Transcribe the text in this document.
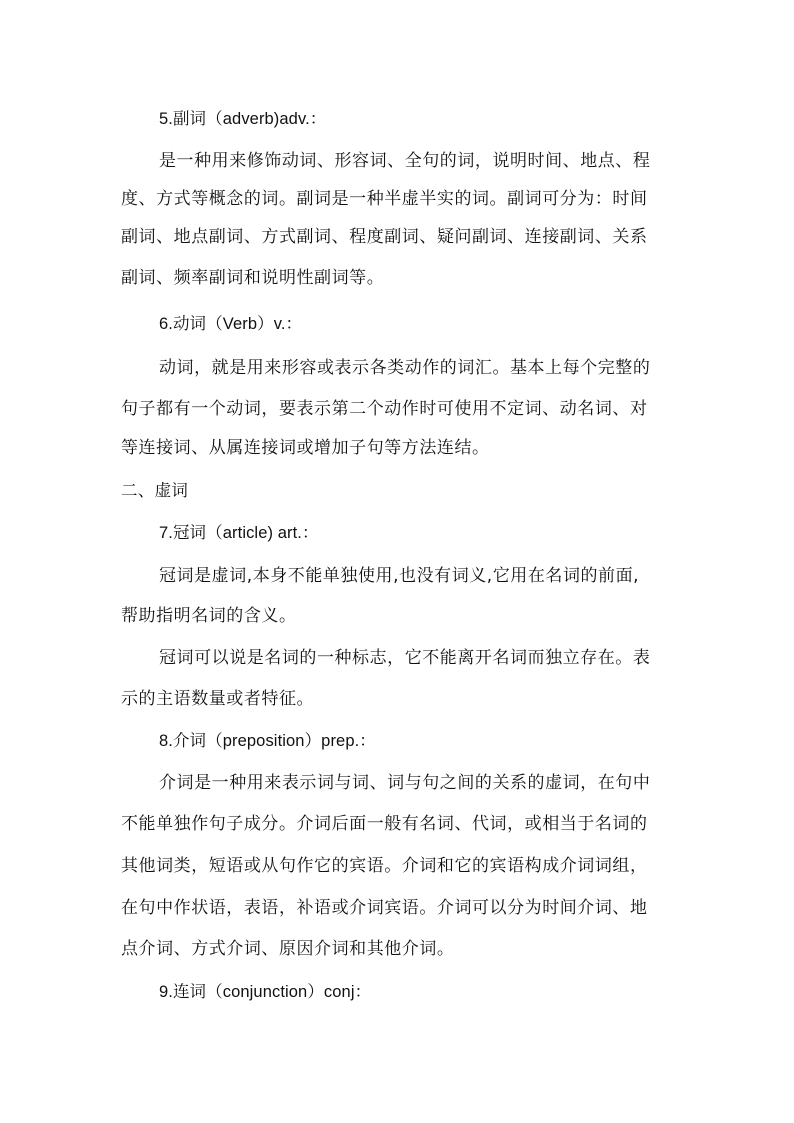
5.副词（adverb)adv.：
是一种用来修饰动词、形容词、全句的词，说明时间、地点、程
度、方式等概念的词。副词是一种半虚半实的词。副词可分为：时间
副词、地点副词、方式副词、程度副词、疑问副词、连接副词、关系
副词、频率副词和说明性副词等。
6.动词（Verb）v.：
动词，就是用来形容或表示各类动作的词汇。基本上每个完整的
句子都有一个动词，要表示第二个动作时可使用不定词、动名词、对
等连接词、从属连接词或增加子句等方法连结。
二、虚词
7.冠词（article) art.：
冠词是虚词,本身不能单独使用,也没有词义,它用在名词的前面,
帮助指明名词的含义。
冠词可以说是名词的一种标志，它不能离开名词而独立存在。表
示的主语数量或者特征。
8.介词（preposition）prep.：
介词是一种用来表示词与词、词与句之间的关系的虚词，在句中
不能单独作句子成分。介词后面一般有名词、代词，或相当于名词的
其他词类，短语或从句作它的宾语。介词和它的宾语构成介词词组，
在句中作状语，表语，补语或介词宾语。介词可以分为时间介词、地
点介词、方式介词、原因介词和其他介词。
9.连词（conjunction）conj：
